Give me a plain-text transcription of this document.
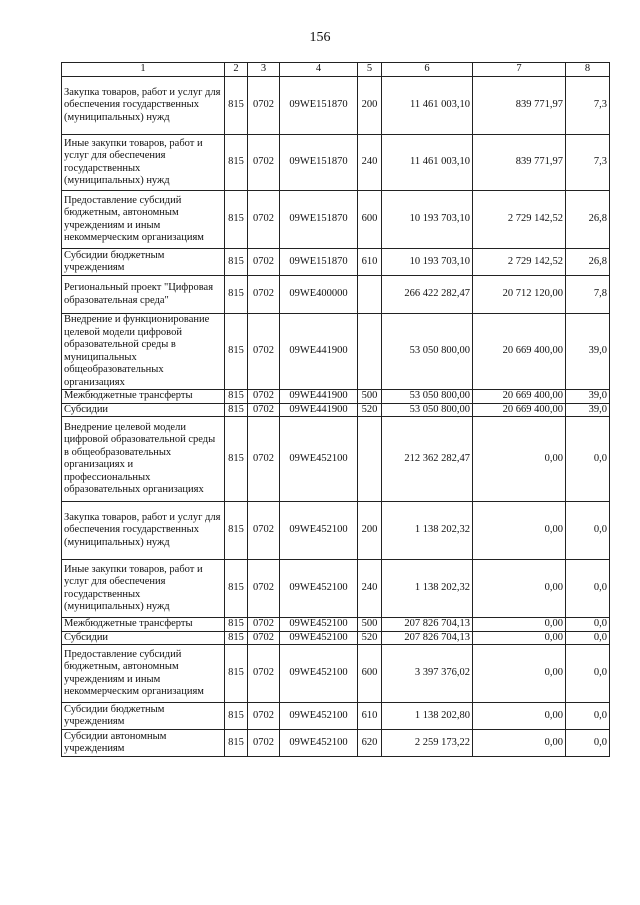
156
1	2	3	4	5	6	7	8
Закупка товаров, работ и услуг для обеспечения государственных (муниципальных) нужд	815	0702	09WE151870	200	11 461 003,10	839 771,97	7,3
Иные закупки товаров, работ и услуг для обеспечения государственных (муниципальных) нужд	815	0702	09WE151870	240	11 461 003,10	839 771,97	7,3
Предоставление субсидий бюджетным, автономным учреждениям и иным некоммерческим организациям	815	0702	09WE151870	600	10 193 703,10	2 729 142,52	26,8
Субсидии бюджетным учреждениям	815	0702	09WE151870	610	10 193 703,10	2 729 142,52	26,8
Региональный проект "Цифровая образовательная среда"	815	0702	09WE400000		266 422 282,47	20 712 120,00	7,8
Внедрение и функционирование целевой модели цифровой образовательной среды в муниципальных общеобразовательных организациях	815	0702	09WE441900		53 050 800,00	20 669 400,00	39,0
Межбюджетные трансферты	815	0702	09WE441900	500	53 050 800,00	20 669 400,00	39,0
Субсидии	815	0702	09WE441900	520	53 050 800,00	20 669 400,00	39,0
Внедрение целевой модели цифровой образовательной среды в общеобразовательных организациях и профессиональных образовательных организациях	815	0702	09WE452100		212 362 282,47	0,00	0,0
Закупка товаров, работ и услуг для обеспечения государственных (муниципальных) нужд	815	0702	09WE452100	200	1 138 202,32	0,00	0,0
Иные закупки товаров, работ и услуг для обеспечения государственных (муниципальных) нужд	815	0702	09WE452100	240	1 138 202,32	0,00	0,0
Межбюджетные трансферты	815	0702	09WE452100	500	207 826 704,13	0,00	0,0
Субсидии	815	0702	09WE452100	520	207 826 704,13	0,00	0,0
Предоставление субсидий бюджетным, автономным учреждениям и иным некоммерческим организациям	815	0702	09WE452100	600	3 397 376,02	0,00	0,0
Субсидии бюджетным учреждениям	815	0702	09WE452100	610	1 138 202,80	0,00	0,0
Субсидии автономным учреждениям	815	0702	09WE452100	620	2 259 173,22	0,00	0,0
